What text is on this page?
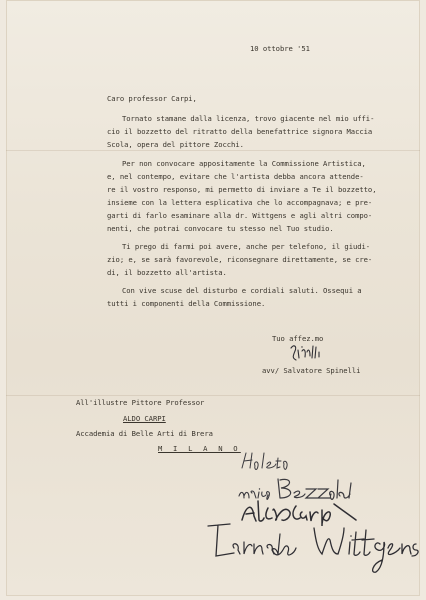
10 ottobre '51
Caro professor Carpi,
Tornato stamane dalla licenza, trovo giacente nel mio uffi-
cio il bozzetto del ritratto della benefattrice signora Maccia
Scola, opera del pittore Zocchi.
Per non convocare appositamente la Commissione Artistica,
e, nel contempo, evitare che l'artista debba ancora attende-
re il vostro responso, mi permetto di inviare a Te il bozzetto,
insieme con la lettera esplicativa che lo accompagnava; e pre-
garti di farlo esaminare alla dr. Wittgens e agli altri compo-
nenti, che potrai convocare tu stesso nel Tuo studio.
Ti prego di farmi poi avere, anche per telefono, il giudi-
zio; e, se sarà favorevole, riconsegnare direttamente, se cre-
di, il bozzetto all'artista.
Con vive scuse del disturbo e cordiali saluti. Ossequi a
tutti i componenti della Commissione.
Tuo affez.mo
avv/ Salvatore Spinelli
All'illustre Pittore Professor
ALDO CARPI
Accademia di Belle Arti di Brera
M I L A N O
